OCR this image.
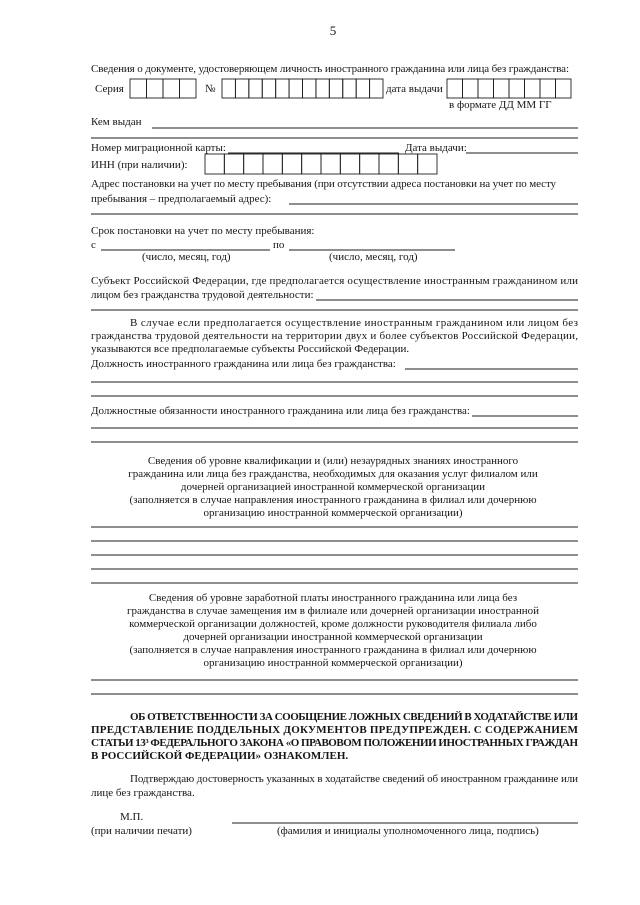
5
Сведения о документе, удостоверяющем личность иностранного гражданина или лица без гражданства:
Серия	№	дата выдачи
в формате ДД ММ ГГ
Кем выдан
Номер миграционной карты:	Дата выдачи:
ИНН (при наличии):
Адрес постановки на учет по месту пребывания (при отсутствии адреса постановки на учет по месту
пребывания – предполагаемый адрес):
Срок постановки на учет по месту пребывания:
с	по
(число, месяц, год)	(число, месяц, год)
Субъект Российской Федерации, где предполагается осуществление иностранным гражданином или
лицом без гражданства трудовой деятельности:
В случае если предполагается осуществление иностранным гражданином или лицом без
гражданства трудовой деятельности на территории двух и более субъектов Российской Федерации,
указываются все предполагаемые субъекты Российской Федерации.
Должность иностранного гражданина или лица без гражданства:
Должностные обязанности иностранного гражданина или лица без гражданства:
Сведения об уровне квалификации и (или) незаурядных знаниях иностранного
гражданина или лица без гражданства, необходимых для оказания услуг филиалом или
дочерней организацией иностранной коммерческой организации
(заполняется в случае направления иностранного гражданина в филиал или дочернюю
организацию иностранной коммерческой организации)
Сведения об уровне заработной платы иностранного гражданина или лица без
гражданства в случае замещения им в филиале или дочерней организации иностранной
коммерческой организации должностей, кроме должности руководителя филиала либо
дочерней организации иностранной коммерческой организации
(заполняется в случае направления иностранного гражданина в филиал или дочернюю
организацию иностранной коммерческой организации)
ОБ ОТВЕТСТВЕННОСТИ ЗА СООБЩЕНИЕ ЛОЖНЫХ СВЕДЕНИЙ В ХОДАТАЙСТВЕ ИЛИ
ПРЕДСТАВЛЕНИЕ ПОДДЕЛЬНЫХ ДОКУМЕНТОВ ПРЕДУПРЕЖДЕН. С СОДЕРЖАНИЕМ
СТАТЬИ 13³ ФЕДЕРАЛЬНОГО ЗАКОНА «О ПРАВОВОМ ПОЛОЖЕНИИ ИНОСТРАННЫХ ГРАЖДАН
В РОССИЙСКОЙ ФЕДЕРАЦИИ» ОЗНАКОМЛЕН.
Подтверждаю достоверность указанных в ходатайстве сведений об иностранном гражданине или
лице без гражданства.
М.П.
(при наличии печати)	(фамилия и инициалы уполномоченного лица, подпись)
